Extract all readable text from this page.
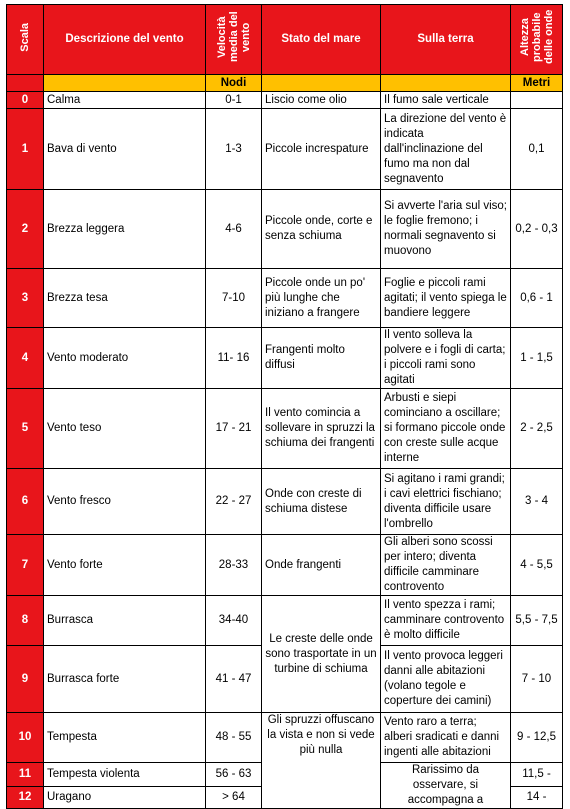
Scala	Descrizione del vento	Velocità media del vento	Stato del mare	Sulla terra	Altezza probabile delle onde
		Nodi			Metri
0	Calma	0-1	Liscio come olio	Il fumo sale verticale	
1	Bava di vento	1-3	Piccole increspature	La direzione del vento è indicata dall'inclinazione del fumo ma non dal segnavento	0,1
2	Brezza leggera	4-6	Piccole onde, corte e senza schiuma	Si avverte l'aria sul viso; le foglie fremono; i normali segnavento si muovono	0,2 - 0,3
3	Brezza tesa	7-10	Piccole onde un po' più lunghe che iniziano a frangere	Foglie e piccoli rami agitati; il vento spiega le bandiere leggere	0,6 - 1
4	Vento moderato	11- 16	Frangenti molto diffusi	Il vento solleva la polvere e i fogli di carta; i piccoli rami sono agitati	1 - 1,5
5	Vento teso	17 - 21	Il vento comincia a sollevare in spruzzi la schiuma dei frangenti	Arbusti e siepi cominciano a oscillare; si formano piccole onde con creste sulle acque interne	2 - 2,5
6	Vento fresco	22 - 27	Onde con creste di schiuma distese	Si agitano i rami grandi; i cavi elettrici fischiano; diventa difficile usare l'ombrello	3 - 4
7	Vento forte	28-33	Onde frangenti	Gli alberi sono scossi per intero; diventa difficile camminare controvento	4 - 5,5
8	Burrasca	34-40	Le creste delle onde sono trasportate in un turbine di schiuma	Il vento spezza i rami; camminare controvento è molto difficile	5,5 - 7,5
9	Burrasca forte	41 - 47		Il vento provoca leggeri danni alle abitazioni (volano tegole e coperture dei camini)	7 - 10
10	Tempesta	48 - 55	Gli spruzzi offuscano la vista e non si vede più nulla	Vento raro a terra; alberi sradicati e danni ingenti alle abitazioni	9 - 12,5
11	Tempesta violenta	56 - 63		Rarissimo da osservare, si accompagna a	11,5 -
12	Uragano	> 64			14 -
